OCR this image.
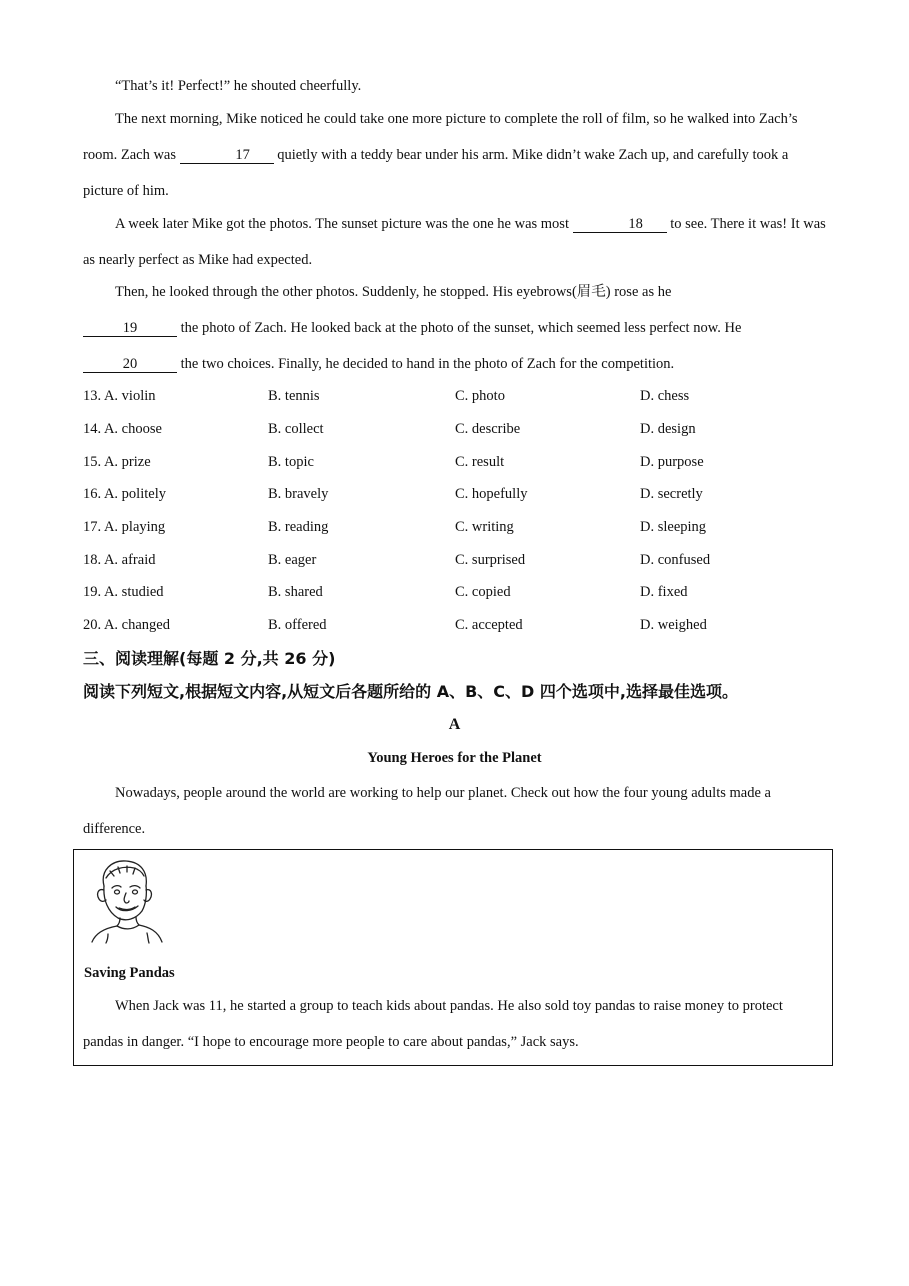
“That’s it! Perfect!” he shouted cheerfully.
The next morning, Mike noticed he could take one more picture to complete the roll of film, so he walked into Zach’s room. Zach was	17 quietly with a teddy bear under his arm. Mike didn’t wake Zach up, and carefully took a picture of him.
A week later Mike got the photos. The sunset picture was the one he was most	18 to see. There it was! It was as nearly perfect as Mike had expected.
Then, he looked through the other photos. Suddenly, he stopped. His eyebrows(眉毛) rose as he
19	the photo of Zach. He looked back at the photo of the sunset, which seemed less perfect now. He
20	the two choices. Finally, he decided to hand in the photo of Zach for the competition.
13. A. violin	B. tennis	C. photo	D. chess
14. A. choose	B. collect	C. describe	D. design
15. A. prize	B. topic	C. result	D. purpose
16. A. politely	B. bravely	C. hopefully	D. secretly
17. A. playing	B. reading	C. writing	D. sleeping
18. A. afraid	B. eager	C. surprised	D. confused
19. A. studied	B. shared	C. copied	D. fixed
20. A. changed	B. offered	C. accepted	D. weighed
三、阅读理解(每题 2 分,共 26 分)
阅读下列短文,根据短文内容,从短文后各题所给的 A、B、C、D 四个选项中,选择最佳选项。
A
Young Heroes for the Planet
Nowadays, people around the world are working to help our planet. Check out how the four young adults made a difference.
Saving Pandas
When Jack was 11, he started a group to teach kids about pandas. He also sold toy pandas to raise money to protect pandas in danger. “I hope to encourage more people to care about pandas,” Jack says.
